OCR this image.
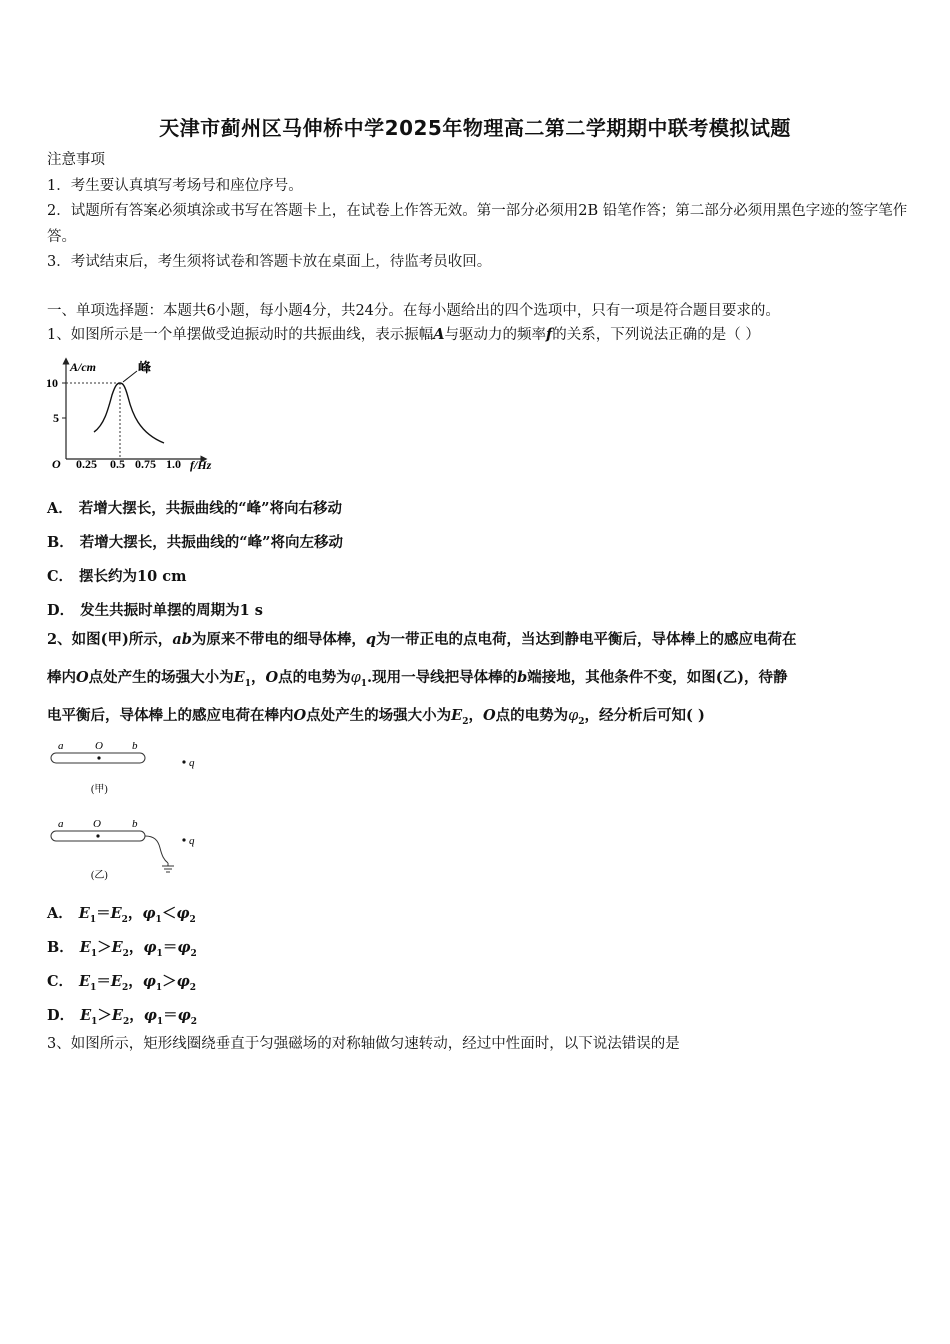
天津市蓟州区马伸桥中学2025年物理高二第二学期期中联考模拟试题
注意事项
1．考生要认真填写考场号和座位序号。
2．试题所有答案必须填涂或书写在答题卡上，在试卷上作答无效。第一部分必须用2B 铅笔作答；第二部分必须用黑色字迹的签字笔作答。
3．考试结束后，考生须将试卷和答题卡放在桌面上，待监考员收回。
一、单项选择题：本题共6小题，每小题4分，共24分。在每小题给出的四个选项中，只有一项是符合题目要求的。
1、如图所示是一个单摆做受迫振动时的共振曲线，表示振幅A与驱动力的频率f的关系，下列说法正确的是（ ）
峰
A/cm
10
5
O 0.25 0.5 0.75 1.0 f/Hz
A． 若增大摆长，共振曲线的“峰”将向右移动
B． 若增大摆长，共振曲线的“峰”将向左移动
C． 摆长约为10 cm
D． 发生共振时单摆的周期为1 s
2、如图(甲)所示，ab为原来不带电的细导体棒，q为一带正电的点电荷，当达到静电平衡后，导体棒上的感应电荷在
棒内O点处产生的场强大小为$E_1$，O点的电势为$\varphi_1$.现用一导线把导体棒的b端接地，其他条件不变，如图(乙)，待静
电平衡后，导体棒上的感应电荷在棒内O点处产生的场强大小为$E_2$，O点的电势为$\varphi_2$，经分析后可知( )
a	O	b
q
(甲)
a	O	b
q
(乙)
A． $E_1=E_2$，$\varphi_1<\varphi_2$
B． $E_1>E_2$，$\varphi_1=\varphi_2$
C． $E_1=E_2$，$\varphi_1>\varphi_2$
D． $E_1>E_2$，$\varphi_1=\varphi_2$
3、如图所示，矩形线圈绕垂直于匀强磁场的对称轴做匀速转动，经过中性面时，以下说法错误的是
